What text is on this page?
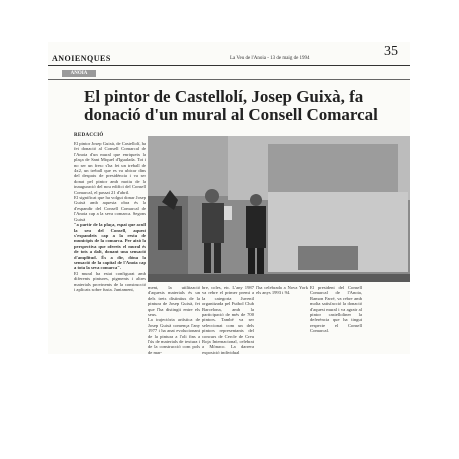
ANOIENQUES	La Veu de l'Anoia - 13 de maig de 1994	35
ANOIA
El pintor de Castellolí, Josep Guixà, fa donació d'un mural al Consell Comarcal
REDACCIÓ

El pintor Josep Guixà, de Castellolí, ha fet donació al Consell Comarcal de l'Anoia d'un mural que enriqueix la plaça de Sant Miquel d'Igualada. Tot i no ser un fresc s'ha fet un treball de 4x2, un treball que es va ubicar dins del despatx de presidència i va ser donat pel pintor amb motiu de la inauguració del nou edifici del Consell Comarcal, el passat 21 d'abril.

El significat que ha volgut donar Josep Guixà amb aquesta obra és la d'espandir del Consell Comarcal de l'Anoia cap a la seva comarca. Segons Guixà

"a partir de la plaça, espai que acull la seu del Consell, aquest s'expandeix cap a la resta de municipis de la comarca. Per això la perspectiva que ofereix el mural és de tots a dalt, donant una sensació d'amplitud. És a dir, dóna la sensació de la capital de l'Anoia cap a tota la seva comarca".

El mural ha estat configurat amb diferents pintures, pigments i altres materials provinents de la construcció i aplicats sobre fusta. Juntament,	ment, la utilització d'aquests materials és un dels trets distintius de la pintura de Josep Guixà, fet que l'ha distingit entre els seus.

La trajectòria artística de Josep Guixà comença l'any 1977 i ha anat evolucionant de la pintura a l'oli fins a l'ús de materials de textura i de la construcció com pols de mar-

bre, coles, etc. L'any 1987 va rebre el primer premi a la categoria Juvenil organitzada pel Futbol Club Barcelona, amb la participació de més de 700 pintors. També va ser seleccionat com un dels pintors representants del concurs de Cercle de Creu Roja Internacional, celebrat a Mònaco. La darrera exposició individual

l'ha celebrada a Nova York els anys 1993 i 94.

El president del Consell Comarcal de l'Anoia, Ramon Farré, va rebre amb molta satisfacció la donació d'aquest mural i va agrair al pintor castelloliner la deferència que ha tingut respecte el Consell Comarcal.
